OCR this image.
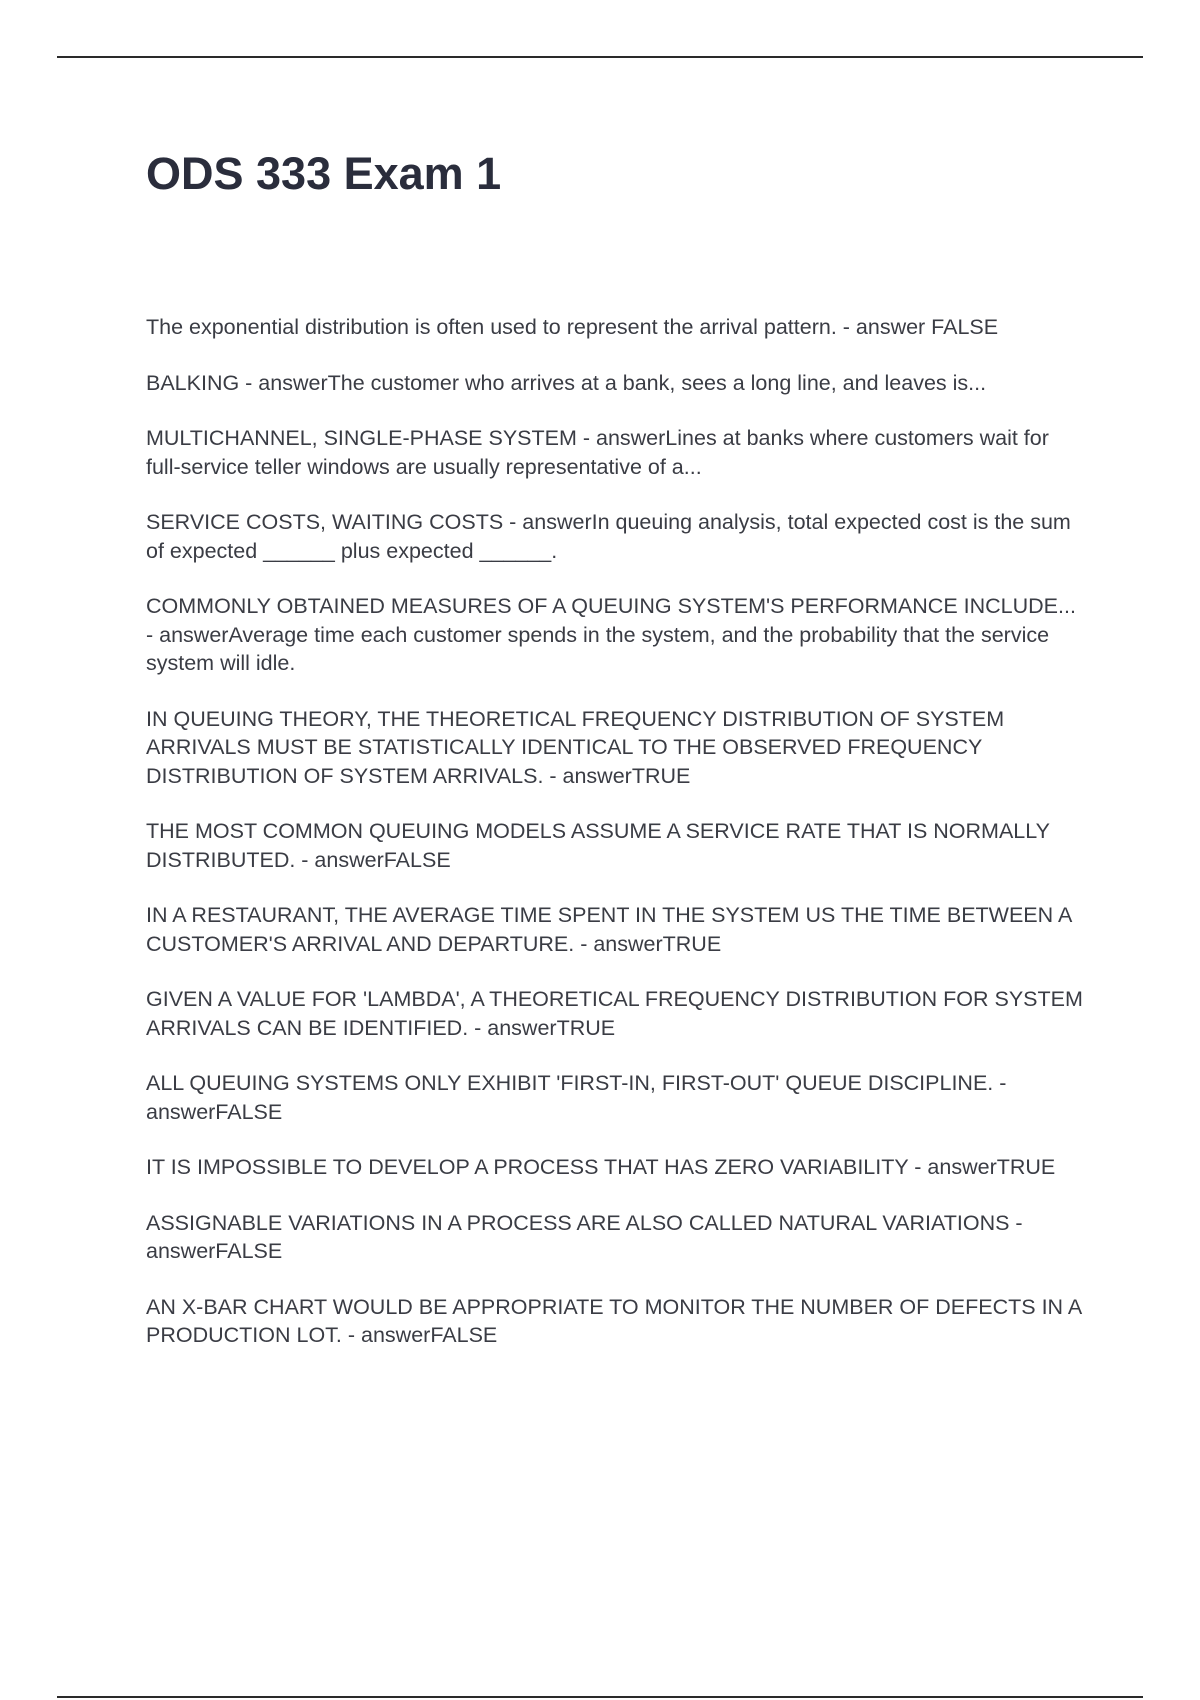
ODS 333 Exam 1
The exponential distribution is often used to represent the arrival pattern. - answer FALSE
BALKING - answerThe customer who arrives at a bank, sees a long line, and leaves is...
MULTICHANNEL, SINGLE-PHASE SYSTEM - answerLines at banks where customers wait for full-service teller windows are usually representative of a...
SERVICE COSTS, WAITING COSTS - answerIn queuing analysis, total expected cost is the sum of expected ______ plus expected ______.
COMMONLY OBTAINED MEASURES OF A QUEUING SYSTEM'S PERFORMANCE INCLUDE... - answerAverage time each customer spends in the system, and the probability that the service system will idle.
IN QUEUING THEORY, THE THEORETICAL FREQUENCY DISTRIBUTION OF SYSTEM ARRIVALS MUST BE STATISTICALLY IDENTICAL TO THE OBSERVED FREQUENCY DISTRIBUTION OF SYSTEM ARRIVALS. - answerTRUE
THE MOST COMMON QUEUING MODELS ASSUME A SERVICE RATE THAT IS NORMALLY DISTRIBUTED. - answerFALSE
IN A RESTAURANT, THE AVERAGE TIME SPENT IN THE SYSTEM US THE TIME BETWEEN A CUSTOMER'S ARRIVAL AND DEPARTURE. - answerTRUE
GIVEN A VALUE FOR 'LAMBDA', A THEORETICAL FREQUENCY DISTRIBUTION FOR SYSTEM ARRIVALS CAN BE IDENTIFIED. - answerTRUE
ALL QUEUING SYSTEMS ONLY EXHIBIT 'FIRST-IN, FIRST-OUT' QUEUE DISCIPLINE. - answerFALSE
IT IS IMPOSSIBLE TO DEVELOP A PROCESS THAT HAS ZERO VARIABILITY - answerTRUE
ASSIGNABLE VARIATIONS IN A PROCESS ARE ALSO CALLED NATURAL VARIATIONS - answerFALSE
AN X-BAR CHART WOULD BE APPROPRIATE TO MONITOR THE NUMBER OF DEFECTS IN A PRODUCTION LOT. - answerFALSE
